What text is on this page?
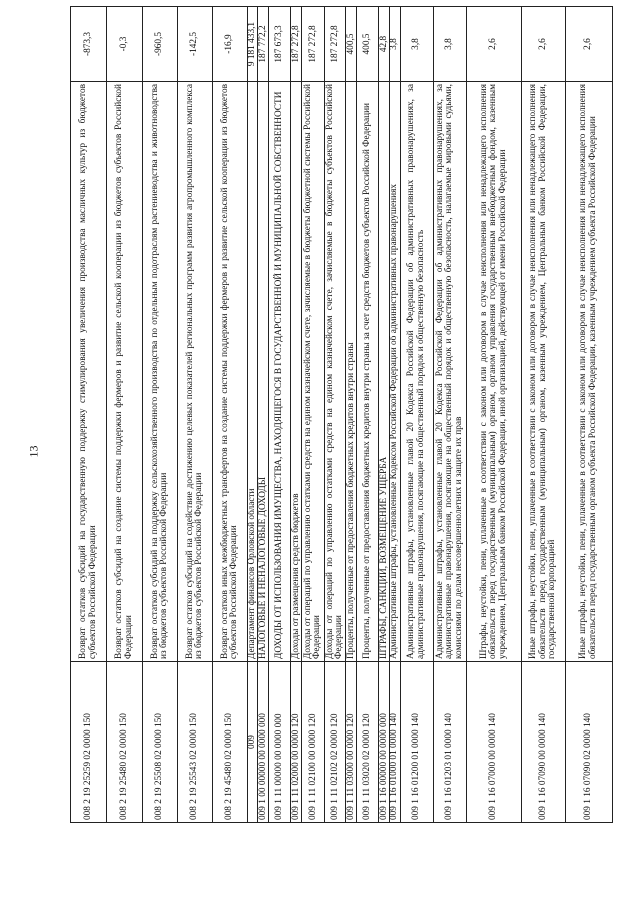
13
008 2 19 25259 02 0000 150	Возврат остатков субсидий на государственную поддержку стимулирования увеличения производства масличных культур из бюджетов субъектов Российской Федерации	-873,3
008 2 19 25480 02 0000 150	Возврат остатков субсидий на создание системы поддержки фермеров и развитие сельской кооперации из бюджетов субъектов Российской Федерации	-0,3
008 2 19 25508 02 0000 150	Возврат остатков субсидий на поддержку сельскохозяйственного производства по отдельным подотраслям растениеводства и животноводства из бюджетов субъектов Российской Федерации	-960,5
008 2 19 25543 02 0000 150	Возврат остатков субсидий на содействие достижению целевых показателей региональных программ развития агропромышленного комплекса из бюджетов субъектов Российской Федерации	-142,5
008 2 19 45480 02 0000 150	Возврат остатков иных межбюджетных трансфертов на создание системы поддержки фермеров и развитие сельской кооперации из бюджетов субъектов Российской Федерации	-16,9
009	Департамент финансов Орловской области	9 181 433,1
009 1 00 00000 00 0000 000	НАЛОГОВЫЕ И НЕНАЛОГОВЫЕ ДОХОДЫ	187 772,2
009 1 11 00000 00 0000 000	ДОХОДЫ ОТ ИСПОЛЬЗОВАНИЯ ИМУЩЕСТВА, НАХОДЯЩЕГОСЯ В ГОСУДАРСТВЕННОЙ И МУНИЦИПАЛЬНОЙ СОБСТВЕННОСТИ	187 673,3
009 1 11 02000 00 0000 120	Доходы от размещения средств бюджетов	187 272,8
009 1 11 02100 00 0000 120	Доходы от операций по управлению остатками средств на едином казначейском счете, зачисляемые в бюджеты бюджетной системы Российской Федерации	187 272,8
009 1 11 02102 02 0000 120	Доходы от операций по управлению остатками средств на едином казначейском счете, зачисляемые в бюджеты субъектов Российской Федерации	187 272,8
009 1 11 03000 00 0000 120	Проценты, полученные от предоставления бюджетных кредитов внутри страны	400,5
009 1 11 03020 02 0000 120	Проценты, полученные от предоставления бюджетных кредитов внутри страны за счет средств бюджетов субъектов Российской Федерации	400,5
009 1 16 00000 00 0000 000	ШТРАФЫ, САНКЦИИ, ВОЗМЕЩЕНИЕ УЩЕРБА	42,8
009 1 16 01000 01 0000 140	Административные штрафы, установленные Кодексом Российской Федерации об административных правонарушениях	3,8
009 1 16 01200 01 0000 140	Административные штрафы, установленные главой 20 Кодекса Российской Федерации об административных правонарушениях, за административные правонарушения, посягающие на общественный порядок и общественную безопасность	3,8
009 1 16 01203 01 0000 140	Административные штрафы, установленные главой 20 Кодекса Российской Федерации об административных правонарушениях, за административные правонарушения, посягающие на общественный порядок и общественную безопасность, налагаемые мировыми судьями, комиссиями по делам несовершеннолетних и защите их прав	3,8
009 1 16 07000 00 0000 140	Штрафы, неустойки, пени, уплаченные в соответствии с законом или договором в случае неисполнения или ненадлежащего исполнения обязательств перед государственным (муниципальным) органом, органом управления государственным внебюджетным фондом, казенным учреждением, Центральным банком Российской Федерации, иной организацией, действующей от имени Российской Федерации	2,6
009 1 16 07090 00 0000 140	Иные штрафы, неустойки, пени, уплаченные в соответствии с законом или договором в случае неисполнения или ненадлежащего исполнения обязательств перед государственным (муниципальным) органом, казенным учреждением, Центральным банком Российской Федерации, государственной корпорацией	2,6
009 1 16 07090 02 0000 140	Иные штрафы, неустойки, пени, уплаченные в соответствии с законом или договором в случае неисполнения или ненадлежащего исполнения обязательств перед государственным органом субъекта Российской Федерации, казенным учреждением субъекта Российской Федерации	2,6
